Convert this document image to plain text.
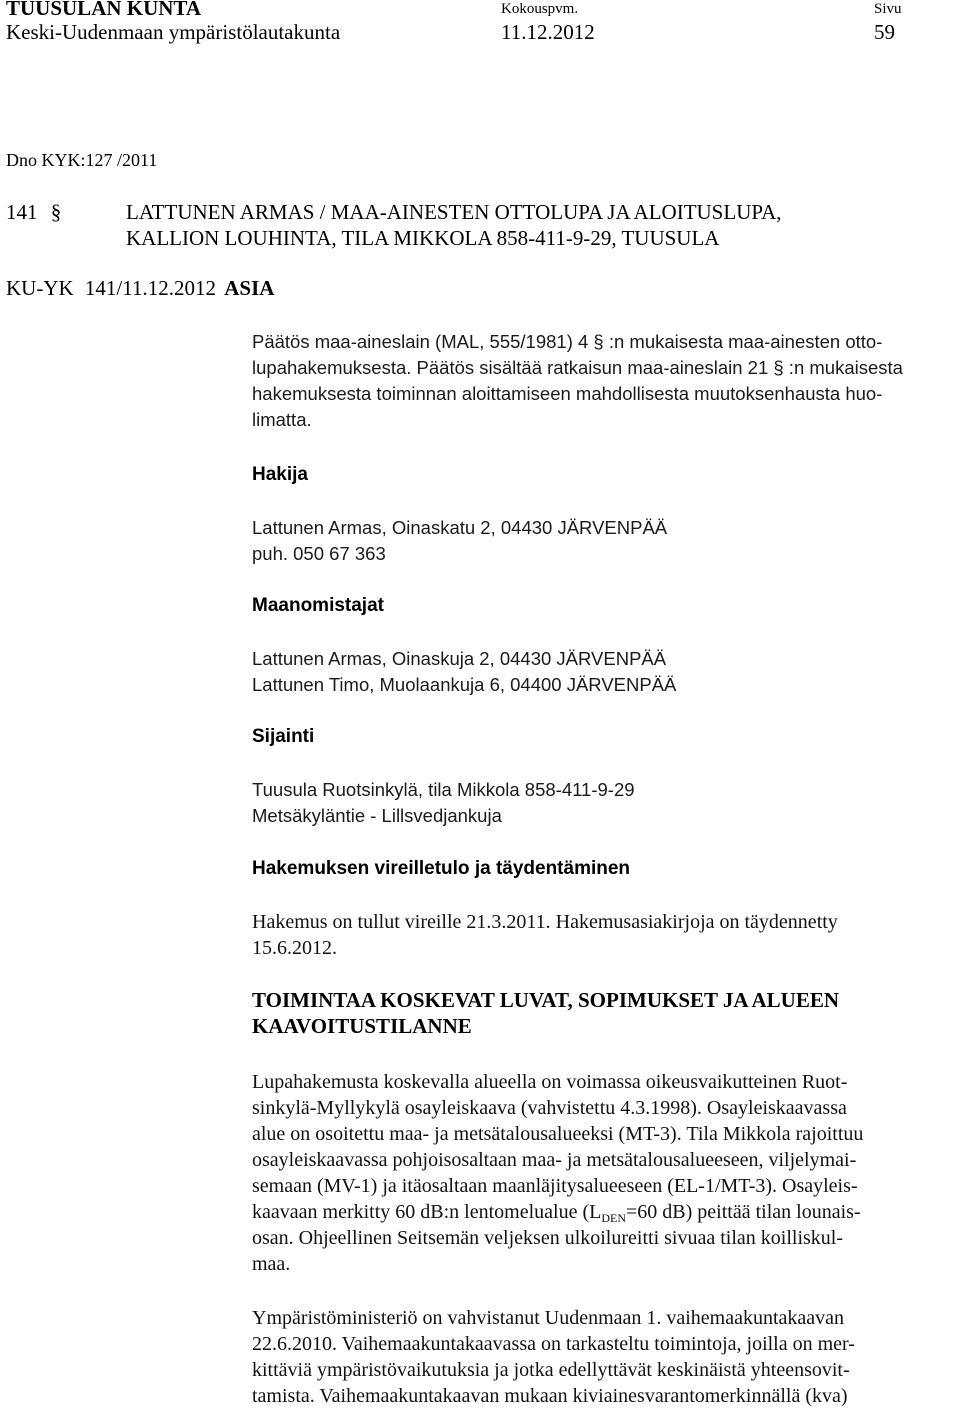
TUUSULAN KUNTA	Kokouspvm.	Sivu
Keski-Uudenmaan ympäristölautakunta	11.12.2012	59
Dno KYK:127 /2011
141 §	LATTUNEN ARMAS / MAA-AINESTEN OTTOLUPA JA ALOITUSLUPA,
KALLION LOUHINTA, TILA MIKKOLA 858-411-9-29, TUUSULA
KU-YK 141/11.12.2012 ASIA
Päätös maa-aineslain (MAL, 555/1981) 4 § :n mukaisesta maa-ainesten otto-
lupahakemuksesta. Päätös sisältää ratkaisun maa-aineslain 21 § :n mukaisesta
hakemuksesta toiminnan aloittamiseen mahdollisesta muutoksenhausta huo-
limatta.
Hakija
Lattunen Armas, Oinaskatu 2, 04430 JÄRVENPÄÄ
puh. 050 67 363
Maanomistajat
Lattunen Armas, Oinaskuja 2, 04430 JÄRVENPÄÄ
Lattunen Timo, Muolaankuja 6, 04400 JÄRVENPÄÄ
Sijainti
Tuusula Ruotsinkylä, tila Mikkola 858-411-9-29
Metsäkyläntie - Lillsvedjankuja
Hakemuksen vireilletulo ja täydentäminen
Hakemus on tullut vireille 21.3.2011. Hakemusasiakirjoja on täydennetty
15.6.2012.
TOIMINTAA KOSKEVAT LUVAT, SOPIMUKSET JA ALUEEN
KAAVOITUSTILANNE
Lupahakemusta koskevalla alueella on voimassa oikeusvaikutteinen Ruot-
sinkylä-Myllykylä osayleiskaava (vahvistettu 4.3.1998). Osayleiskaavassa
alue on osoitettu maa- ja metsätalousalueeksi (MT-3). Tila Mikkola rajoittuu
osayleiskaavassa pohjoisosaltaan maa- ja metsätalousalueeseen, viljelymai-
semaan (MV-1) ja itäosaltaan maanläjitysalueeseen (EL-1/MT-3). Osayleis-
kaavaan merkitty 60 dB:n lentomelualue ($L_{DEN}=60$ dB) peittää tilan lounais-
osan. Ohjeellinen Seitsemän veljeksen ulkoilureitti sivuaa tilan koilliskul-
maa.
Ympäristöministeriö on vahvistanut Uudenmaan 1. vaihemaakuntakaavan
22.6.2010. Vaihemaakuntakaavassa on tarkasteltu toimintoja, joilla on mer-
kittäviä ympäristövaikutuksia ja jotka edellyttävät keskinäistä yhteensovit-
tamista. Vaihemaakuntakaavan mukaan kiviainesvarantomerkinnällä (kva)
